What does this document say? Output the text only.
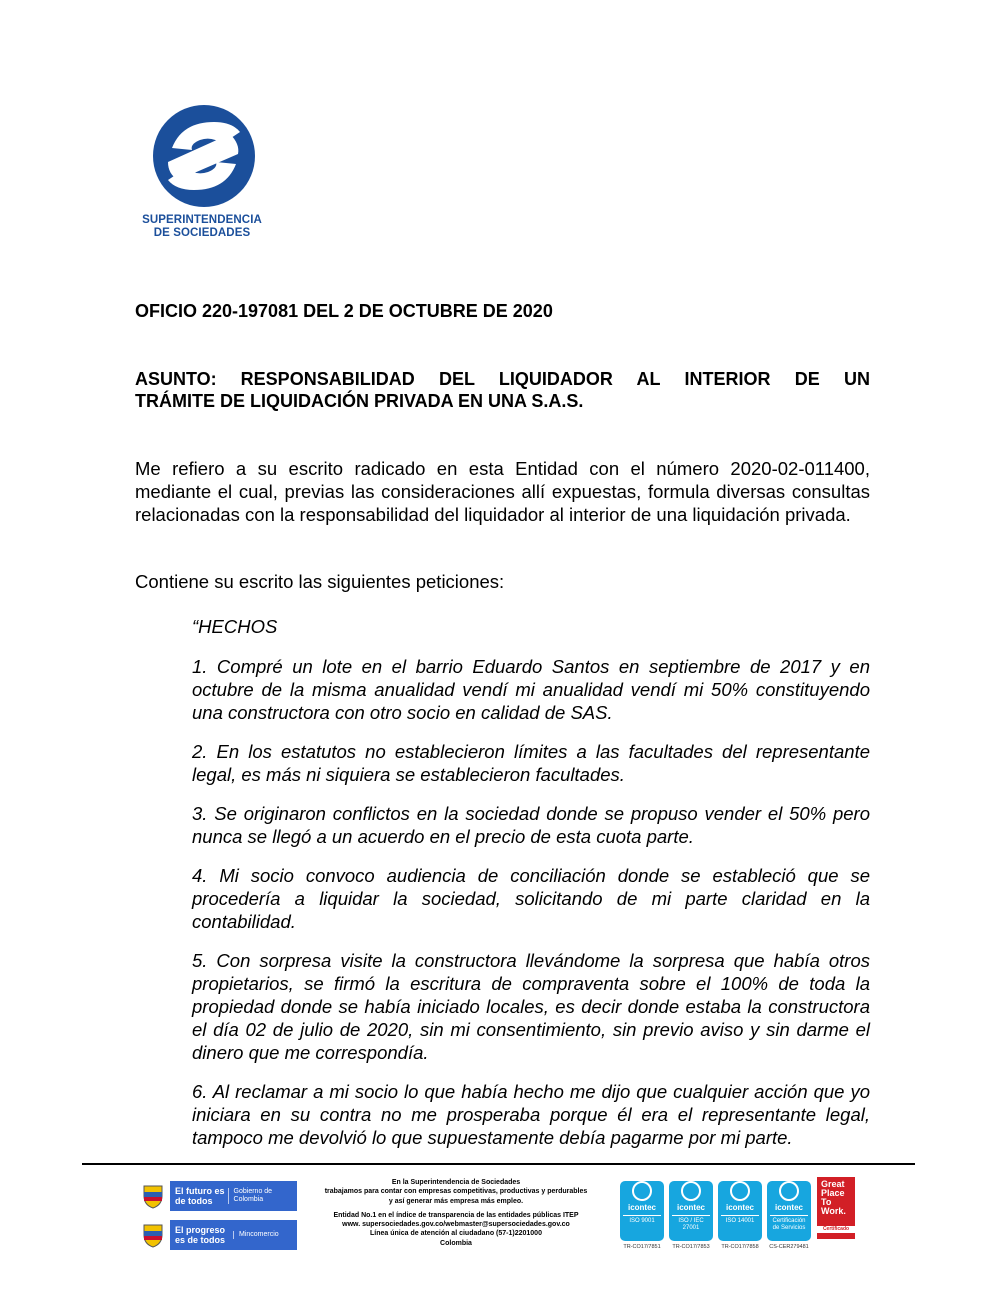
SUPERINTENDENCIA
DE SOCIEDADES
OFICIO 220-197081 DEL 2 DE OCTUBRE DE 2020
ASUNTO: RESPONSABILIDAD DEL LIQUIDADOR AL INTERIOR DE UN
TRÁMITE DE LIQUIDACIÓN PRIVADA EN UNA S.A.S.
Me refiero a su escrito radicado en esta Entidad con el número 2020-02-011400, mediante el cual, previas las consideraciones allí expuestas, formula diversas consultas relacionadas con la responsabilidad del liquidador al interior de una liquidación privada.
Contiene su escrito las siguientes peticiones:
“HECHOS

1. Compré un lote en el barrio Eduardo Santos en septiembre de 2017 y en octubre de la misma anualidad vendí mi anualidad vendí mi 50% constituyendo una constructora con otro socio en calidad de SAS.

2. En los estatutos no establecieron límites a las facultades del representante legal, es más ni siquiera se establecieron facultades.

3. Se originaron conflictos en la sociedad donde se propuso vender el 50% pero nunca se llegó a un acuerdo en el precio de esta cuota parte.

4. Mi socio convoco audiencia de conciliación donde se estableció que se procedería a liquidar la sociedad, solicitando de mi parte claridad en la contabilidad.

5. Con sorpresa visite la constructora llevándome la sorpresa que había otros propietarios, se firmó la escritura de compraventa sobre el 100% de toda la propiedad donde se había iniciado locales, es decir donde estaba la constructora el día 02 de julio de 2020, sin mi consentimiento, sin previo aviso y sin darme el dinero que me correspondía.

6. Al reclamar a mi socio lo que había hecho me dijo que cualquier acción que yo iniciara en su contra no me prosperaba porque él era el representante legal, tampoco me devolvió lo que supuestamente debía pagarme por mi parte.

El futuro es de todos
Gobierno de Colombia
El progreso es de todos
Mincomercio
En la Superintendencia de Sociedades
trabajamos para contar con empresas competitivas, productivas y perdurables
y así generar más empresa más empleo.
Entidad No.1 en el índice de transparencia de las entidades públicas ITEP
www. supersociedades.gov.co/webmaster@supersociedades.gov.co
Línea única de atención al ciudadano (57-1)2201000
Colombia
icontec
ISO 9001
TR-CO17/7851
icontec
ISO / IEC 27001
TR-CO17/7853
icontec
ISO 14001
TR-CO17/7858
icontec
Certificación de Servicios
CS-CER279481
Great Place To Work.
Certificado
